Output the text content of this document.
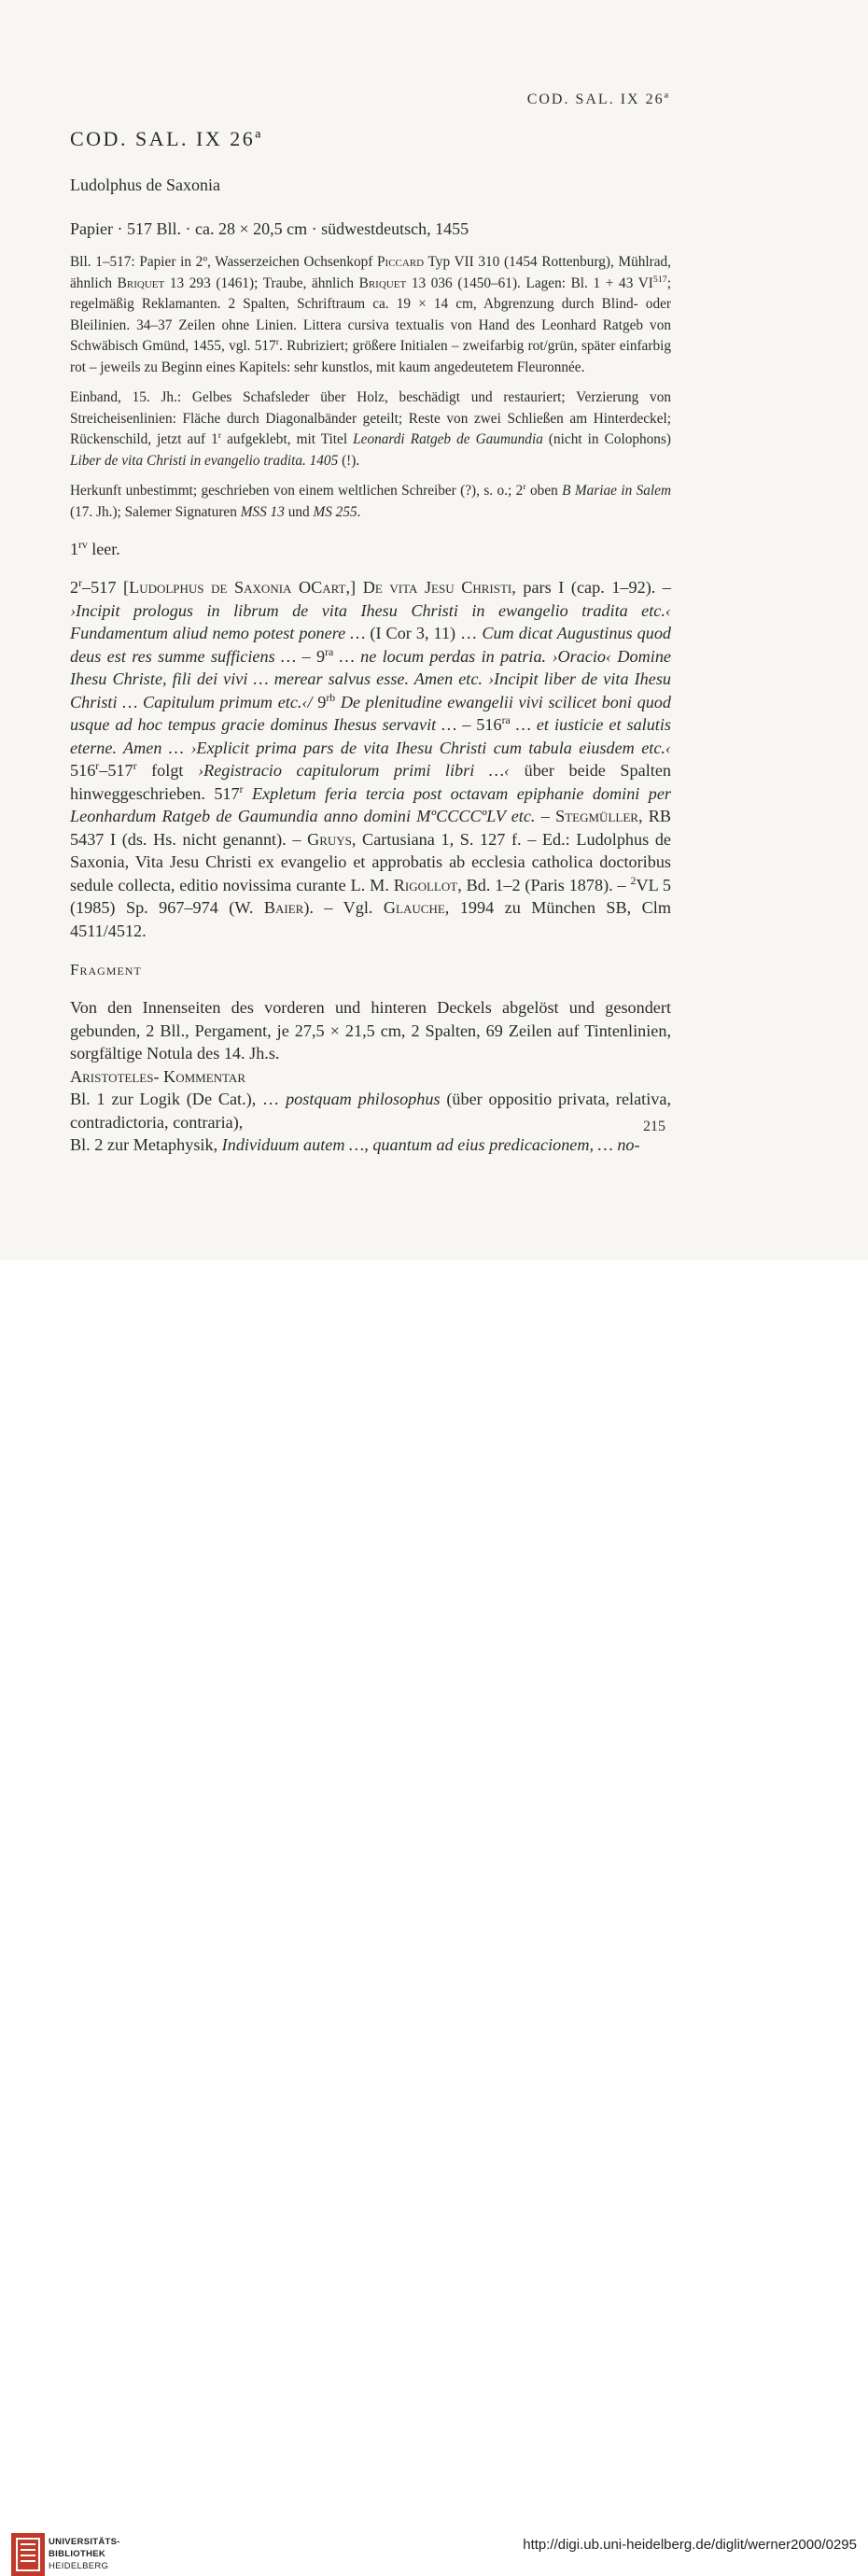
COD. SAL. IX 26ª
COD. SAL. IX 26ª
Ludolphus de Saxonia
Papier · 517 Bll. · ca. 28 × 20,5 cm · südwestdeutsch, 1455

Bll. 1–517: Papier in 2º, Wasserzeichen Ochsenkopf Piccard Typ VII 310 (1454 Rottenburg), Mühlrad, ähnlich Briquet 13 293 (1461); Traube, ähnlich Briquet 13 036 (1450–61). Lagen: Bl. 1 + 43 VI$^{517}$; regelmäßig Reklamanten. 2 Spalten, Schriftraum ca. 19 × 14 cm, Abgrenzung durch Blind- oder Bleilinien. 34–37 Zeilen ohne Linien. Littera cursiva textualis von Hand des Leonhard Ratgeb von Schwäbisch Gmünd, 1455, vgl. 517$^r$. Rubriziert; größere Initialen – zweifarbig rot/grün, später einfarbig rot – jeweils zu Beginn eines Kapitels: sehr kunstlos, mit kaum angedeutetem Fleuronnée.

Einband, 15. Jh.: Gelbes Schafsleder über Holz, beschädigt und restauriert; Verzierung von Streicheisenlinien: Fläche durch Diagonalbänder geteilt; Reste von zwei Schließen am Hinterdeckel; Rückenschild, jetzt auf 1$^r$ aufgeklebt, mit Titel Leonardi Ratgeb de Gaumundia (nicht in Colophons) Liber de vita Christi in evangelio tradita. 1405 (!).

Herkunft unbestimmt; geschrieben von einem weltlichen Schreiber (?), s. o.; 2$^r$ oben B Mariae in Salem (17. Jh.); Salemer Signaturen MSS 13 und MS 255.

$1^{rv}$ leer.

2$^r$–517 [Ludolphus de Saxonia OCart,] De vita Jesu Christi, pars I (cap. 1–92). – ›Incipit prologus in librum de vita Ihesu Christi in ewangelio tradita etc.‹ Fundamentum aliud nemo potest ponere … (I Cor 3, 11) … Cum dicat Augustinus quod deus est res summe sufficiens … – $9^{ra}$ … ne locum perdas in patria. ›Oracio‹ Domine Ihesu Christe, fili dei vivi … merear salvus esse. Amen etc. ›Incipit liber de vita Ihesu Christi … Capitulum primum etc.‹/ $9^{rb}$ De plenitudine ewangelii vivi scilicet boni quod usque ad hoc tempus gracie dominus Ihesus servavit … – $516^{ra}$ … et iusticie et salutis eterne. Amen … ›Explicit prima pars de vita Ihesu Christi cum tabula eiusdem etc.‹ 516$^r$–517$^r$ folgt ›Registracio capitulorum primi libri …‹ über beide Spalten hinweggeschrieben. 517$^r$ Expletum feria tercia post octavam epiphanie domini per Leonhardum Ratgeb de Gaumundia anno domini MºCCCCºLV etc. – Stegmüller, RB 5437 I (ds. Hs. nicht genannt). – Gruys, Cartusiana 1, S. 127 f. – Ed.: Ludolphus de Saxonia, Vita Jesu Christi ex evangelio et approbatis ab ecclesia catholica doctoribus sedule collecta, editio novissima curante L. M. Rigollot, Bd. 1–2 (Paris 1878). – $^2$VL 5 (1985) Sp. 967–974 (W. Baier). – Vgl. Glauche, 1994 zu München SB, Clm 4511/4512.

Fragment

Von den Innenseiten des vorderen und hinteren Deckels abgelöst und gesondert gebunden, 2 Bll., Pergament, je 27,5 × 21,5 cm, 2 Spalten, 69 Zeilen auf Tintenlinien, sorgfältige Notula des 14. Jh.s.

Aristoteles- Kommentar

Bl. 1 zur Logik (De Cat.), … postquam philosophus (über oppositio privata, relativa, contradictoria, contraria),

Bl. 2 zur Metaphysik, Individuum autem …, quantum ad eius predicacionem, … no-

215
UNIVERSITÄTS-
BIBLIOTHEK
HEIDELBERG
http://digi.ub.uni-heidelberg.de/diglit/werner2000/0295
